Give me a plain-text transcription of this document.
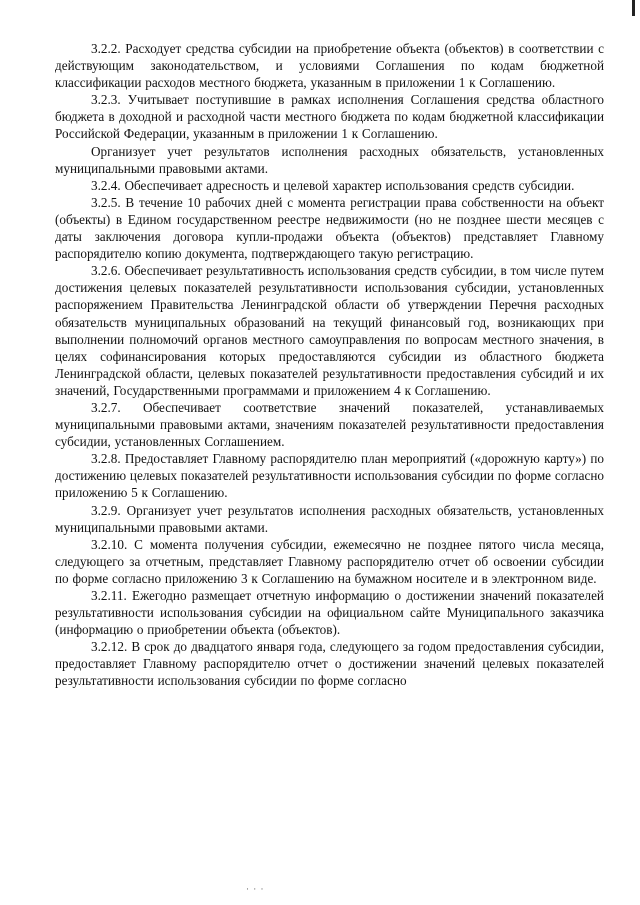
3.2.2. Расходует средства субсидии на приобретение объекта (объектов) в соответствии с действующим законодательством, и условиями Соглашения по кодам бюджетной классификации расходов местного бюджета, указанным в приложении 1 к Соглашению.

3.2.3. Учитывает поступившие в рамках исполнения Соглашения средства областного бюджета в доходной и расходной части местного бюджета по кодам бюджетной классификации Российской Федерации, указанным в приложении 1 к Соглашению.

Организует учет результатов исполнения расходных обязательств, установленных муниципальными правовыми актами.

3.2.4. Обеспечивает адресность и целевой характер использования средств субсидии.

3.2.5. В течение 10 рабочих дней с момента регистрации права собственности на объект (объекты) в Едином государственном реестре недвижимости (но не позднее шести месяцев с даты заключения договора купли-продажи объекта (объектов) представляет Главному распорядителю копию документа, подтверждающего такую регистрацию.

3.2.6. Обеспечивает результативность использования средств субсидии, в том числе путем достижения целевых показателей результативности использования субсидии, установленных распоряжением Правительства Ленинградской области об утверждении Перечня расходных обязательств муниципальных образований на текущий финансовый год, возникающих при выполнении полномочий органов местного самоуправления по вопросам местного значения, в целях софинансирования которых предоставляются субсидии из областного бюджета Ленинградской области, целевых показателей результативности предоставления субсидий и их значений, Государственными программами и приложением 4 к Соглашению.

3.2.7. Обеспечивает соответствие значений показателей, устанавливаемых муниципальными правовыми актами, значениям показателей результативности предоставления субсидии, установленных Соглашением.

3.2.8. Предоставляет Главному распорядителю план мероприятий («дорожную карту») по достижению целевых показателей результативности использования субсидии по форме согласно приложению 5 к Соглашению.

3.2.9. Организует учет результатов исполнения расходных обязательств, установленных муниципальными правовыми актами.

3.2.10. С момента получения субсидии, ежемесячно не позднее пятого числа месяца, следующего за отчетным, представляет Главному распорядителю отчет об освоении субсидии по форме согласно приложению 3 к Соглашению на бумажном носителе и в электронном виде.

3.2.11. Ежегодно размещает отчетную информацию о достижении значений показателей результативности использования субсидии на официальном сайте Муниципального заказчика (информацию о приобретении объекта (объектов).

3.2.12. В срок до двадцатого января года, следующего за годом предоставления субсидии, предоставляет Главному распорядителю отчет о достижении значений целевых показателей результативности использования субсидии по форме согласно

· · ·
